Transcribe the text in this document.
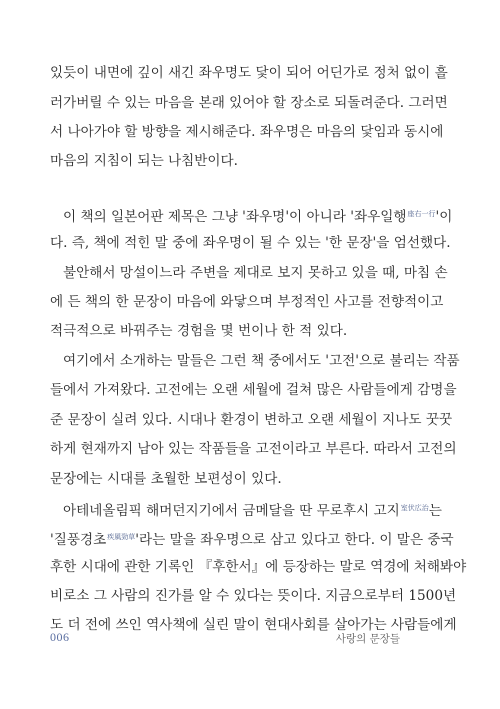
있듯이 내면에 깊이 새긴 좌우명도 닻이 되어 어딘가로 정처 없이 흘
러가버릴 수 있는 마음을 본래 있어야 할 장소로 되돌려준다. 그러면
서 나아가야 할 방향을 제시해준다. 좌우명은 마음의 닻임과 동시에
마음의 지침이 되는 나침반이다.
이 책의 일본어판 제목은 그냥 '좌우명'이 아니라 '좌우일행$^{座右一行}$'이
다. 즉, 책에 적힌 말 중에 좌우명이 될 수 있는 '한 문장'을 엄선했다.
불안해서 망설이느라 주변을 제대로 보지 못하고 있을 때, 마침 손
에 든 책의 한 문장이 마음에 와닿으며 부정적인 사고를 전향적이고
적극적으로 바꿔주는 경험을 몇 번이나 한 적 있다.
여기에서 소개하는 말들은 그런 책 중에서도 '고전'으로 불리는 작품
들에서 가져왔다. 고전에는 오랜 세월에 걸쳐 많은 사람들에게 감명을
준 문장이 실려 있다. 시대나 환경이 변하고 오랜 세월이 지나도 꿋꿋
하게 현재까지 남아 있는 작품들을 고전이라고 부른다. 따라서 고전의
문장에는 시대를 초월한 보편성이 있다.
아테네올림픽 해머던지기에서 금메달을 딴 무로후시 고지$^{室伏広治}$는
'질풍경초$^{疾風勁草}$'라는 말을 좌우명으로 삼고 있다고 한다. 이 말은 중국
후한 시대에 관한 기록인 『후한서』에 등장하는 말로 역경에 처해봐야
비로소 그 사람의 진가를 알 수 있다는 뜻이다. 지금으로부터 1500년
도 더 전에 쓰인 역사책에 실린 말이 현대사회를 살아가는 사람들에게
006	사랑의 문장들
